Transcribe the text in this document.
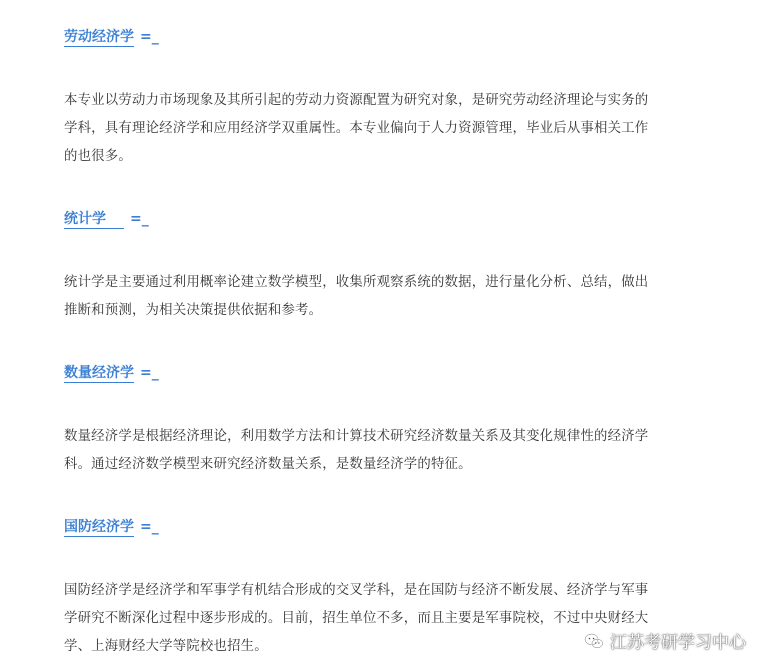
劳动经济学 =_
本专业以劳动力市场现象及其所引起的劳动力资源配置为研究对象，是研究劳动经济理论与实务的
学科，具有理论经济学和应用经济学双重属性。本专业偏向于人力资源管理，毕业后从事相关工作
的也很多。
统计学 =_
统计学是主要通过利用概率论建立数学模型，收集所观察系统的数据，进行量化分析、总结，做出
推断和预测，为相关决策提供依据和参考。
数量经济学 =_
数量经济学是根据经济理论，利用数学方法和计算技术研究经济数量关系及其变化规律性的经济学
科。通过经济数学模型来研究经济数量关系，是数量经济学的特征。
国防经济学 =_
国防经济学是经济学和军事学有机结合形成的交叉学科，是在国防与经济不断发展、经济学与军事
学研究不断深化过程中逐步形成的。目前，招生单位不多，而且主要是军事院校，不过中央财经大
学、上海财经大学等院校也招生。	江苏考研学习中心
